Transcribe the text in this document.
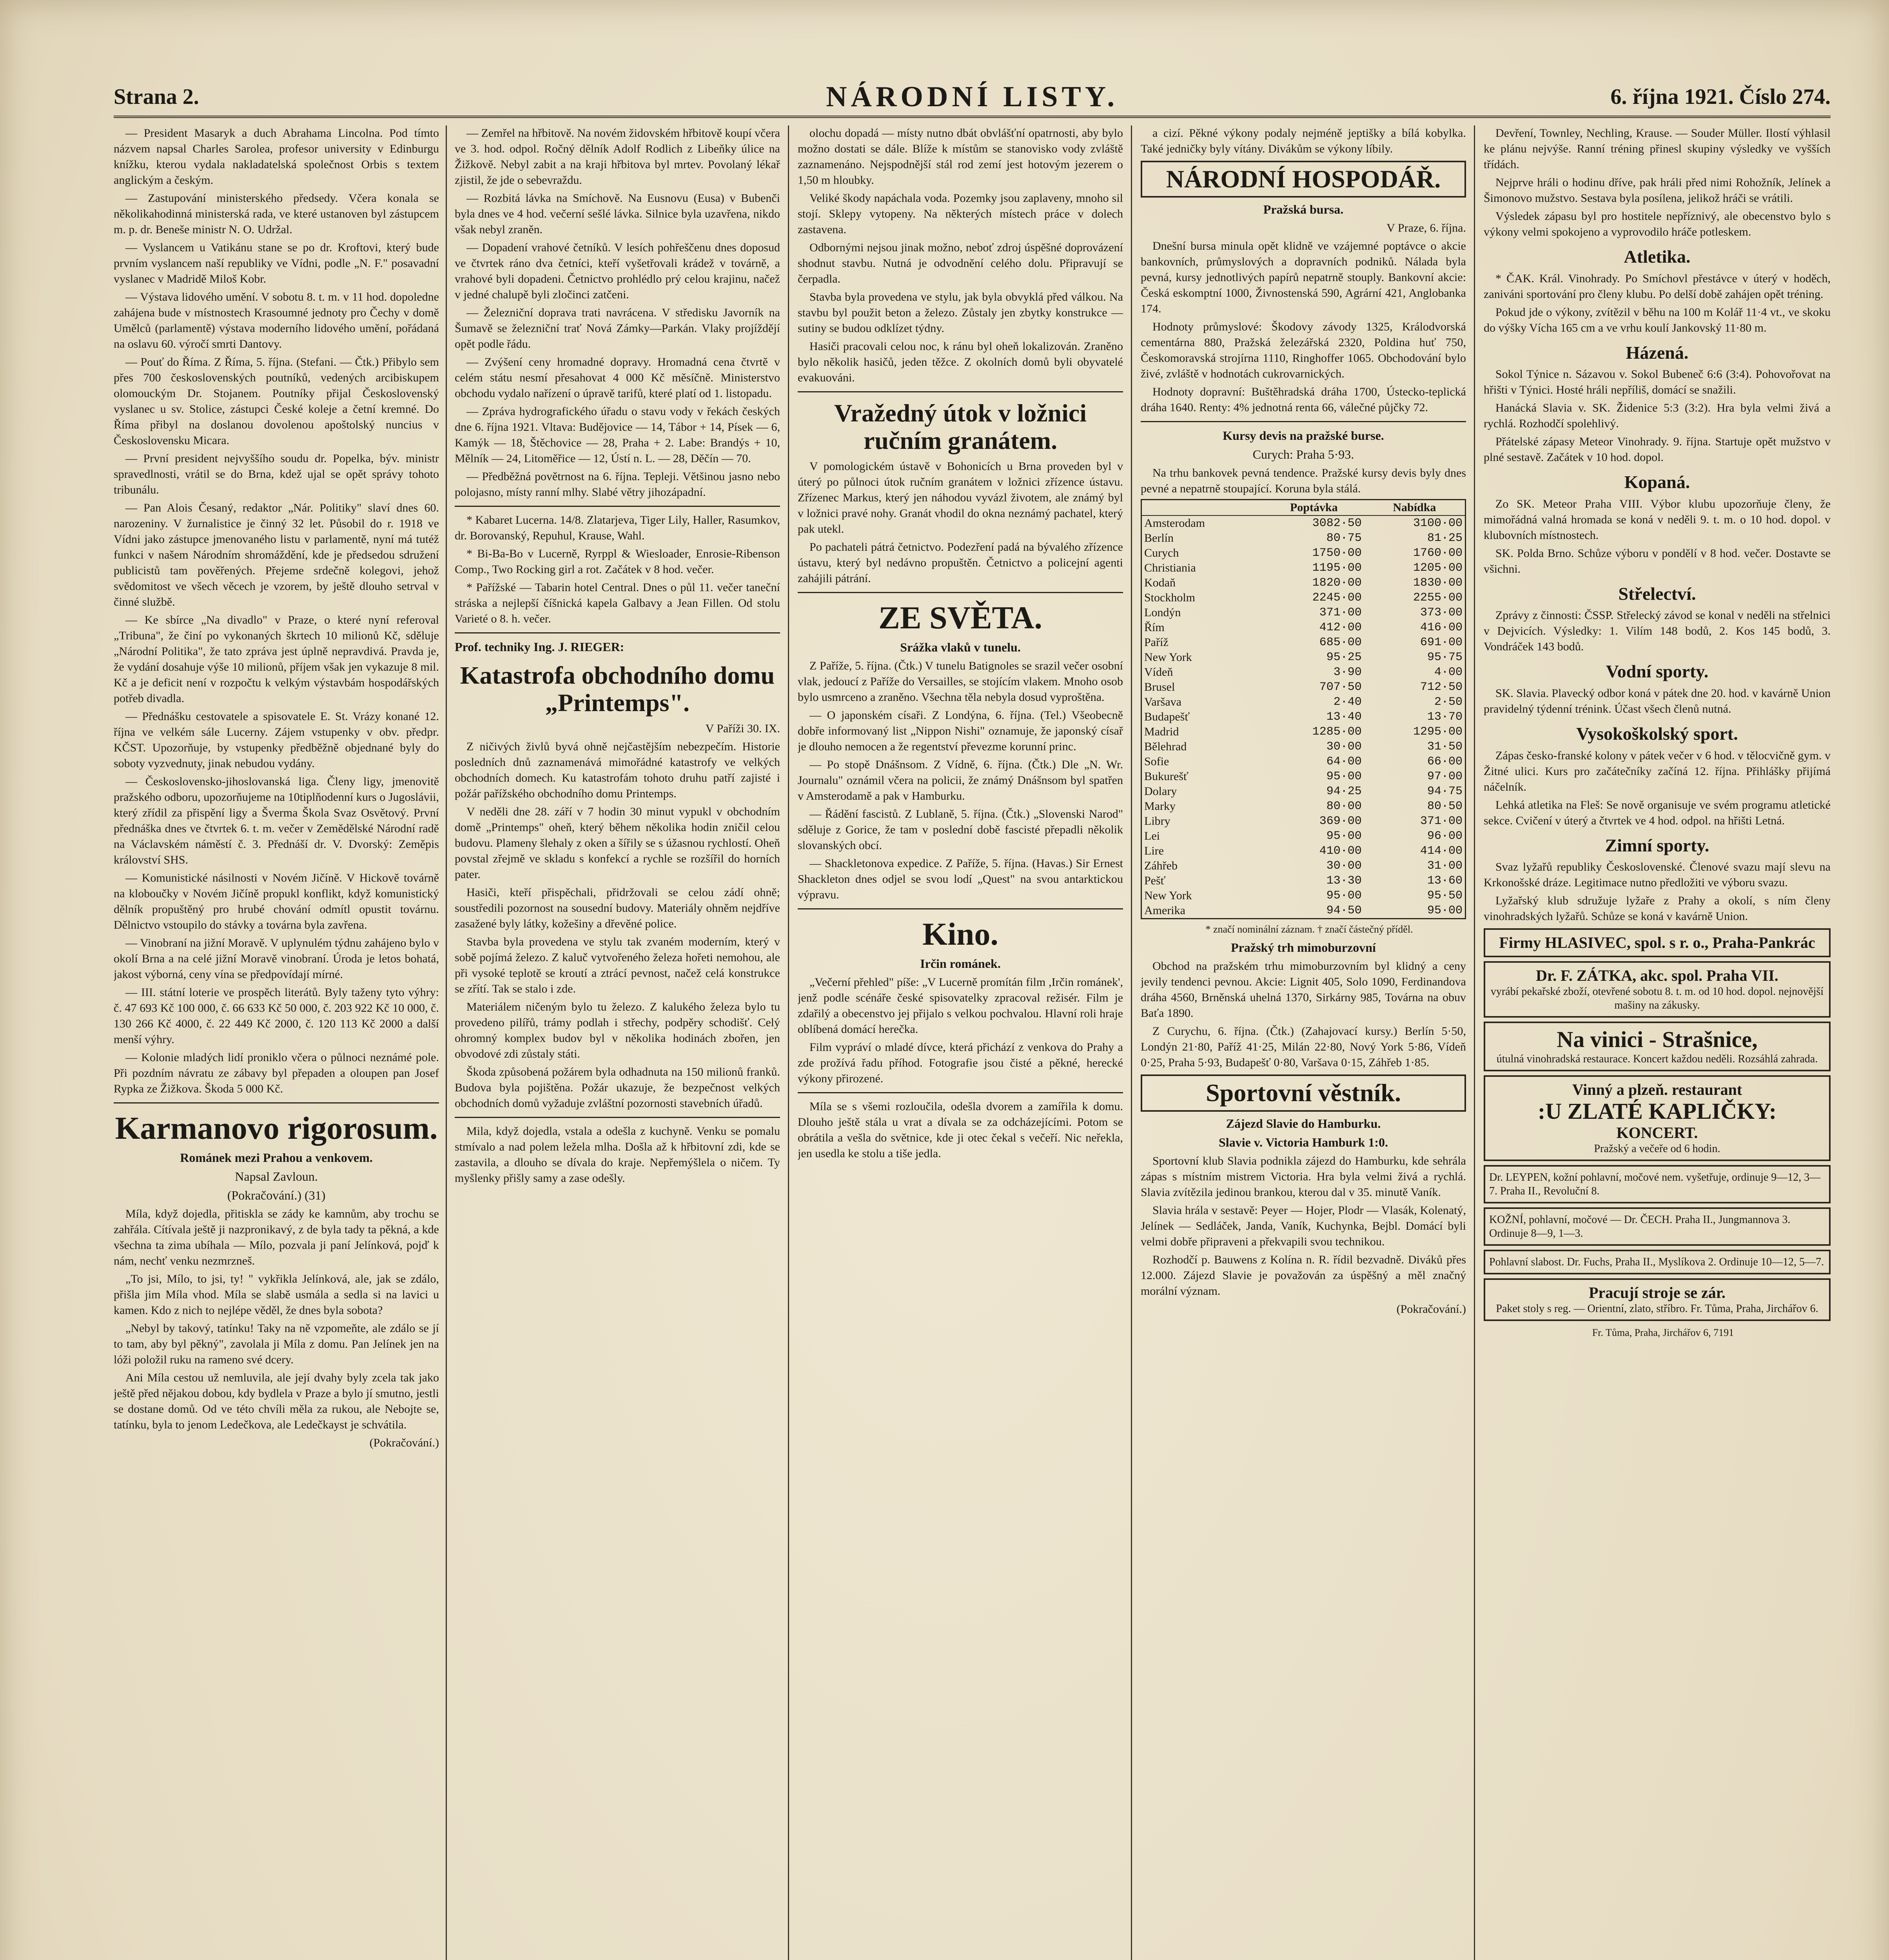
Strana 2.	NÁRODNÍ LISTY.	6. října 1921. Číslo 274.

— President Masaryk a duch Abrahama Lincolna. Pod tímto názvem napsal Charles Sarolea, profesor university v Edinburgu knížku, kterou vydala nakladatelská společnost Orbis s textem anglickým a českým.

— Zastupování ministerského předsedy. Včera konala se několikahodinná ministerská rada, ve které ustanoven byl zástupcem m. p. dr. Beneše ministr N. O. Udržal.

— Vyslancem u Vatikánu stane se po dr. Kroftovi, který bude prvním vyslancem naší republiky ve Vídni, podle „N. F." posavadní vyslanec v Madridě Miloš Kobr.

— Výstava lidového umění. V sobotu 8. t. m. v 11 hod. dopoledne zahájena bude v místnostech Krasoumné jednoty pro Čechy v domě Umělců (parlamentě) výstava moderního lidového umění, pořádaná na oslavu 60. výročí smrti Dantovy.

— Pouť do Říma. Z Říma, 5. října. (Stefani. — Čtk.) Přibylo sem přes 700 československých poutníků, vedených arcibiskupem olomouckým Dr. Stojanem. Poutníky přijal Československý vyslanec u sv. Stolice, zástupci České koleje a četní kremné. Do Říma přibyl na doslanou dovolenou apoštolský nuncius v Československu Micara.

— První president nejvyššího soudu dr. Popelka, býv. ministr spravedlnosti, vrátil se do Brna, kdež ujal se opět správy tohoto tribunálu.

— Pan Alois Česaný, redaktor „Nár. Politiky" slaví dnes 60. narozeniny. V žurnalistice je činný 32 let. Působil do r. 1918 ve Vídni jako zástupce jmenovaného listu v parlamentě, nyní má tutéž funkci v našem Národním shromáždění, kde je předsedou sdružení publicistů tam pověřených. Přejeme srdečně kolegovi, jehož svědomitost ve všech věcech je vzorem, by ještě dlouho setrval v činné službě.

— Ke sbírce „Na divadlo" v Praze, o které nyní referoval „Tribuna", že činí po vykonaných škrtech 10 milionů Kč, sděluje „Národní Politika", že tato zpráva jest úplně nepravdivá. Pravda je, že vydání dosahuje výše 10 milionů, příjem však jen vykazuje 8 mil. Kč a je deficit není v rozpočtu k velkým výstavbám hospodářských potřeb divadla.

— Přednášku cestovatele a spisovatele E. St. Vrázy konané 12. října ve velkém sále Lucerny. Zájem vstupenky v obv. předpr. KČST. Upozorňuje, by vstupenky předběžně objednané byly do soboty vyzvednuty, jinak nebudou vydány.

— Československo-jihoslovanská liga. Členy ligy, jmenovitě pražského odboru, upozorňujeme na 10tiplňodenní kurs o Jugoslávii, který zřídil za přispění ligy a Šverma Škola Svaz Osvětový. První přednáška dnes ve čtvrtek 6. t. m. večer v Zemědělské Národní radě na Václavském náměstí č. 3. Přednáší dr. V. Dvorský: Zeměpis království SHS.

— Komunistické násilnosti v Novém Jičíně. V Hickově továrně na kloboučky v Novém Jičíně propukl konflikt, když komunistický dělník propuštěný pro hrubé chování odmítl opustit továrnu. Dělnictvo vstoupilo do stávky a továrna byla zavřena.

— Vinobraní na jižní Moravě. V uplynulém týdnu zahájeno bylo v okolí Brna a na celé jižní Moravě vinobraní. Úroda je letos bohatá, jakost výborná, ceny vína se předpovídají mírné.

— III. státní loterie ve prospěch literátů. Byly taženy tyto výhry: č. 47 693 Kč 100 000, č. 66 633 Kč 50 000, č. 203 922 Kč 10 000, č. 130 266 Kč 4000, č. 22 449 Kč 2000, č. 120 113 Kč 2000 a další menší výhry.

— Kolonie mladých lidí proniklo včera o půlnoci neznámé pole. Při pozdním návratu ze zábavy byl přepaden a oloupen pan Josef Rypka ze Žižkova. Škoda 5 000 Kč.

Karmanovo rigorosum.
Románek mezi Prahou a venkovem.
Napsal Zavloun.
(Pokračování.) (31)

Míla, když dojedla, přitiskla se zády ke kamnům, aby trochu se zahřála. Cítívala ještě ji nazpronikavý, z de byla tady ta pěkná, a kde všechna ta zima ubíhala — Mílo, pozvala ji paní Jelínková, pojď k nám, nechť venku nezmrzneš.

„To jsi, Mílo, to jsi, ty! " vykřikla Jelínková, ale, jak se zdálo, přišla jim Míla vhod. Míla se slabě usmála a sedla si na lavici u kamen. Kdo z nich to nejlépe věděl, že dnes byla sobota?

„Nebyl by takový, tatínku! Taky na ně vzpomeňte, ale zdálo se jí to tam, aby byl pěkný", zavolala ji Míla z domu. Pan Jelínek jen na lóži položil ruku na rameno své dcery.

Ani Míla cestou už nemluvila, ale její dvahy byly zcela tak jako ještě před nějakou dobou, kdy bydlela v Praze a bylo jí smutno, jestli se dostane domů. Od ve této chvíli měla za rukou, ale Nebojte se, tatínku, byla to jenom Ledečkova, ale Ledečkayst je schvátila.

(Pokračování.)

— Zemřel na hřbitově. Na novém židovském hřbitově koupí včera ve 3. hod. odpol. Ročný dělník Adolf Rodlich z Libeňky úlice na Žižkově. Nebyl zabit a na kraji hřbitova byl mrtev. Povolaný lékař zjistil, že jde o sebevraždu.

— Rozbitá lávka na Smíchově. Na Eusnovu (Eusa) v Bubenči byla dnes ve 4 hod. večerní sešlé lávka. Silnice byla uzavřena, nikdo však nebyl zraněn.

— Dopadení vrahové četníků. V lesích pohřeščenu dnes doposud ve čtvrtek ráno dva četníci, kteří vyšetřovali krádež v továrně, a vrahové byli dopadeni. Četnictvo prohlédlo prý celou krajinu, načež v jedné chalupě byli zločinci zatčeni.

— Železniční doprava trati navrácena. V středisku Javorník na Šumavě se železniční trať Nová Zámky—Parkán. Vlaky projíždějí opět podle řádu.

— Zvýšení ceny hromadné dopravy. Hromadná cena čtvrtě v celém státu nesmí přesahovat 4 000 Kč měsíčně. Ministerstvo obchodu vydalo nařízení o úpravě tarifů, které platí od 1. listopadu.

— Zpráva hydrografického úřadu o stavu vody v řekách českých dne 6. října 1921. Vltava: Budějovice — 14, Tábor + 14, Písek — 6, Kamýk — 18, Štěchovice — 28, Praha + 2. Labe: Brandýs + 10, Mělník — 24, Litoměřice — 12, Ústí n. L. — 28, Děčín — 70.

— Předběžná povětrnost na 6. října. Tepleji. Většinou jasno nebo polojasno, místy ranní mlhy. Slabé větry jihozápadní.

* Kabaret Lucerna. 14/8. Zlatarjeva, Tiger Lily, Haller, Rasumkov, dr. Borovanský, Repuhul, Krause, Wahl.

* Bi-Ba-Bo v Lucerně, Ryrppl & Wiesloader, Enrosie-Ribenson Comp., Two Rocking girl a rot. Začátek v 8 hod. večer.

* Pařížské — Tabarin hotel Central. Dnes o půl 11. večer taneční stráska a nejlepší číšnická kapela Galbavy a Jean Fillen. Od stolu Varieté o 8. h. večer.

Prof. techniky Ing. J. RIEGER:
Katastrofa obchodního domu „Printemps".

V Paříži 30. IX.

Z ničivých živlů byvá ohně nejčastějším nebezpečím. Historie posledních dnů zaznamenává mimořádné katastrofy ve velkých obchodních domech. Ku katastrofám tohoto druhu patří zajisté i požár pařížského obchodního domu Printemps.

V neděli dne 28. září v 7 hodin 30 minut vypukl v obchodním domě „Printemps" oheň, který během několika hodin zničil celou budovu. Plameny šlehaly z oken a šířily se s úžasnou rychlostí. Oheň povstal zřejmě ve skladu s konfekcí a rychle se rozšířil do horních pater.

Hasiči, kteří přispěchali, přidržovali se celou zádí ohně; soustředili pozornost na sousední budovy. Materiály ohněm nejdříve zasažené byly látky, kožešiny a dřevěné police.

Stavba byla provedena ve stylu tak zvaném moderním, který v sobě pojímá železo. Z kaluč vytvořeného železa hořeti nemohou, ale při vysoké teplotě se kroutí a ztrácí pevnost, načež celá konstrukce se zřítí. Tak se stalo i zde.

Materiálem ničeným bylo tu železo. Z kalukého železa bylo tu provedeno pilířů, trámy podlah i střechy, podpěry schodišť. Celý ohromný komplex budov byl v několika hodinách zbořen, jen obvodové zdi zůstaly státi.

Škoda způsobená požárem byla odhadnuta na 150 milionů franků. Budova byla pojištěna. Požár ukazuje, že bezpečnost velkých obchodních domů vyžaduje zvláštní pozornosti stavebních úřadů.

Mila, když dojedla, vstala a odešla z kuchyně. Venku se pomalu stmívalo a nad polem ležela mlha. Došla až k hřbitovní zdi, kde se zastavila, a dlouho se dívala do kraje. Nepřemýšlela o ničem. Ty myšlenky přišly samy a zase odešly.

olochu dopadá — místy nutno dbát obvlášťní opatrnosti, aby bylo možno dostati se dále. Blíže k místům se stanovisko vody zvláště zaznamenáno. Nejspodnější stál rod zemí jest hotovým jezerem o 1,50 m hloubky.

Veliké škody napáchala voda. Pozemky jsou zaplaveny, mnoho sil stojí. Sklepy vytopeny. Na některých místech práce v dolech zastavena.

Odbornými nejsou jinak možno, neboť zdroj úspěšné doprovázení shodnut stavbu. Nutná je odvodnění celého dolu. Připravují se čerpadla.

Stavba byla provedena ve stylu, jak byla obvyklá před válkou. Na stavbu byl použit beton a železo. Zůstaly jen zbytky konstrukce — sutiny se budou odklízet týdny.

Hasiči pracovali celou noc, k ránu byl oheň lokalizován. Zraněno bylo několik hasičů, jeden těžce. Z okolních domů byli obyvatelé evakuováni.

Vražedný útok v ložnici ručním granátem.

V pomologickém ústavě v Bohonicích u Brna proveden byl v úterý po půlnoci útok ručním granátem v ložnici zřízence ústavu. Zřízenec Markus, který jen náhodou vyvázl životem, ale známý byl v ložnici pravé nohy. Granát vhodil do okna neznámý pachatel, který pak utekl.

Po pachateli pátrá četnictvo. Podezření padá na bývalého zřízence ústavu, který byl nedávno propuštěn. Četnictvo a policejní agenti zahájili pátrání.

ZE SVĚTA.
Srážka vlaků v tunelu.

Z Paříže, 5. října. (Čtk.) V tunelu Batignoles se srazil večer osobní vlak, jedoucí z Paříže do Versailles, se stojícím vlakem. Mnoho osob bylo usmrceno a zraněno. Všechna těla nebyla dosud vyproštěna.

— O japonském císaři. Z Londýna, 6. října. (Tel.) Všeobecně dobře informovaný list „Nippon Nishi" oznamuje, že japonský císař je dlouho nemocen a že regentství převezme korunní princ.

— Po stopě Dnášnsom. Z Vídně, 6. října. (Čtk.) Dle „N. Wr. Journalu" oznámil včera na policii, že známý Dnášnsom byl spatřen v Amsterodamě a pak v Hamburku.

— Řádění fascistů. Z Lublaně, 5. října. (Čtk.) „Slovenski Narod" sděluje z Gorice, že tam v poslední době fascisté přepadli několik slovanských obcí.

— Shackletonova expedice. Z Paříže, 5. října. (Havas.) Sir Ernest Shackleton dnes odjel se svou lodí „Quest" na svou antarktickou výpravu.

Kino.
Irčin románek.

„Večerní přehled" píše: „V Lucerně promítán film ,Irčin románek', jenž podle scénáře české spisovatelky zpracoval režisér. Film je zdařilý a obecenstvo jej přijalo s velkou pochvalou. Hlavní roli hraje oblíbená domácí herečka.

Film vypráví o mladé dívce, která přichází z venkova do Prahy a zde prožívá řadu příhod. Fotografie jsou čisté a pěkné, herecké výkony přirozené.

Míla se s všemi rozloučila, odešla dvorem a zamířila k domu. Dlouho ještě stála u vrat a dívala se za odcházejícími. Potom se obrátila a vešla do světnice, kde ji otec čekal s večeří. Nic neřekla, jen usedla ke stolu a tiše jedla.

a cizí. Pěkné výkony podaly nejméně jeptišky a bílá kobylka. Také jedničky byly vítány. Divákům se výkony líbily.

NÁRODNÍ HOSPODÁŘ.
Pražská bursa.

V Praze, 6. října.

Dnešní bursa minula opět klidně ve vzájemné poptávce o akcie bankovních, průmyslových a dopravních podniků. Nálada byla pevná, kursy jednotlivých papírů nepatrně stouply. Bankovní akcie: Česká eskomptní 1000, Živnostenská 590, Agrární 421, Anglobanka 174.

Hodnoty průmyslové: Škodovy závody 1325, Králodvorská cementárna 880, Pražská železářská 2320, Poldina huť 750, Českomoravská strojírna 1110, Ringhoffer 1065. Obchodování bylo živé, zvláště v hodnotách cukrovarnických.

Hodnoty dopravní: Buštěhradská dráha 1700, Ústecko-teplická dráha 1640. Renty: 4% jednotná renta 66, válečné půjčky 72.

Kursy devis na pražské burse.
Curych: Praha 5·93.

Na trhu bankovek pevná tendence. Pražské kursy devis byly dnes pevné a nepatrně stoupající. Koruna byla stálá.

	Poptávka	Nabídka
Amsterodam	3082·50	3100·00
Berlín	80·75	81·25
Curych	1750·00	1760·00
Christiania	1195·00	1205·00
Kodaň	1820·00	1830·00
Stockholm	2245·00	2255·00
Londýn	371·00	373·00
Řím	412·00	416·00
Paříž	685·00	691·00
New York	95·25	95·75
Vídeň	3·90	4·00
Brusel	707·50	712·50
Varšava	2·40	2·50
Budapešť	13·40	13·70
Madrid	1285·00	1295·00
Bělehrad	30·00	31·50
Sofie	64·00	66·00
Bukurešť	95·00	97·00
Dolary	94·25	94·75
Marky	80·00	80·50
Libry	369·00	371·00
Lei	95·00	96·00
Lire	410·00	414·00
Záhřeb	30·00	31·00
Pešť	13·30	13·60
New York	95·00	95·50
Amerika	94·50	95·00

* značí nominální záznam. † značí částečný příděl.

Pražský trh mimoburzovní

Obchod na pražském trhu mimoburzovním byl klidný a ceny jevily tendenci pevnou. Akcie: Lignit 405, Solo 1090, Ferdinandova dráha 4560, Brněnská uhelná 1370, Sirkárny 985, Továrna na obuv Baťa 1890.

Z Curychu, 6. října. (Čtk.) (Zahajovací kursy.) Berlín 5·50, Londýn 21·80, Paříž 41·25, Milán 22·80, Nový York 5·86, Vídeň 0·25, Praha 5·93, Budapešť 0·80, Varšava 0·15, Záhřeb 1·85.

Sportovní věstník.
Zájezd Slavie do Hamburku.
Slavie v. Victoria Hamburk 1:0.

Sportovní klub Slavia podnikla zájezd do Hamburku, kde sehrála zápas s místním mistrem Victoria. Hra byla velmi živá a rychlá. Slavia zvítězila jedinou brankou, kterou dal v 35. minutě Vaník.

Slavia hrála v sestavě: Peyer — Hojer, Plodr — Vlasák, Kolenatý, Jelínek — Sedláček, Janda, Vaník, Kuchynka, Bejbl. Domácí byli velmi dobře připraveni a překvapili svou technikou.

Rozhodčí p. Bauwens z Kolína n. R. řídil bezvadně. Diváků přes 12.000. Zájezd Slavie je považován za úspěšný a měl značný morální význam.

(Pokračování.)

Devření, Townley, Nechling, Krause. — Souder Müller. Ilostí výhlasil ke plánu nejvýše. Ranní tréning přinesl skupiny výsledky ve vyšších třídách.

Nejprve hráli o hodinu dříve, pak hráli před nimi Rohožník, Jelínek a Šimonovo mužstvo. Sestava byla posílena, jelikož hráči se vrátili.

Výsledek zápasu byl pro hostitele nepříznivý, ale obecenstvo bylo s výkony velmi spokojeno a vyprovodilo hráče potleskem.

Atletika.

* ČAK. Král. Vinohrady. Po Smíchovl přestávce v úterý v hoděch, zaniváni sportování pro členy klubu. Po delší době zahájen opět tréning.

Pokud jde o výkony, zvítězil v běhu na 100 m Kolář 11·4 vt., ve skoku do výšky Vícha 165 cm a ve vrhu koulí Jankovský 11·80 m.

Házená.

Sokol Týnice n. Sázavou v. Sokol Bubeneč 6:6 (3:4). Pohovořovat na hřišti v Týnici. Hosté hráli nepříliš, domácí se snažili.

Hanácká Slavia v. SK. Židenice 5:3 (3:2). Hra byla velmi živá a rychlá. Rozhodčí spolehlivý.

Přátelské zápasy Meteor Vinohrady. 9. října. Startuje opět mužstvo v plné sestavě. Začátek v 10 hod. dopol.

Kopaná.

Zo SK. Meteor Praha VIII. Výbor klubu upozorňuje členy, že mimořádná valná hromada se koná v neděli 9. t. m. o 10 hod. dopol. v klubovních místnostech.

SK. Polda Brno. Schůze výboru v pondělí v 8 hod. večer. Dostavte se všichni.

Střelectví.

Zprávy z činnosti: ČSSP. Střelecký závod se konal v neděli na střelnici v Dejvicích. Výsledky: 1. Vilím 148 bodů, 2. Kos 145 bodů, 3. Vondráček 143 bodů.

Vodní sporty.

SK. Slavia. Plavecký odbor koná v pátek dne 20. hod. v kavárně Union pravidelný týdenní trénink. Účast všech členů nutná.

Vysokoškolský sport.

Zápas česko-franské kolony v pátek večer v 6 hod. v tělocvičně gym. v Žitné ulici. Kurs pro začátečníky začíná 12. října. Přihlášky přijímá náčelník.

Lehká atletika na Fleš: Se nově organisuje ve svém programu atletické sekce. Cvičení v úterý a čtvrtek ve 4 hod. odpol. na hřišti Letná.

Zimní sporty.

Svaz lyžařů republiky Československé. Členové svazu mají slevu na Krkonošské dráze. Legitimace nutno předložiti ve výboru svazu.

Lyžařský klub sdružuje lyžaře z Prahy a okolí, s ním členy vinohradských lyžařů. Schůze se koná v kavárně Union.

Firmy HLASIVEC, spol. s r. o., Praha-Pankrác
Dr. F. ZÁTKA, akc. spol. Praha VII.
vyrábí pekařské zboží, otevřené sobotu 8. t. m. od 10 hod. dopol. nejnovější mašiny na zákusky.
Na vinici - Strašnice,
útulná vinohradská restaurace. Koncert každou neděli. Rozsáhlá zahrada.
Vinný a plzeň. restaurant
:U ZLATÉ KAPLIČKY:
KONCERT.
Pražský a večeře od 6 hodin.
Dr. LEYPEN, kožní pohlavní, močové nem. vyšetřuje, ordinuje 9—12, 3—7. Praha II., Revoluční 8.
KOŽNÍ, pohlavní, močové — Dr. ČECH. Praha II., Jungmannova 3. Ordinuje 8—9, 1—3.
Pohlavní slabost. Dr. Fuchs, Praha II., Myslíkova 2. Ordinuje 10—12, 5—7.
Pracují stroje se zár.
Paket stoly s reg. — Orientní, zlato, stříbro. Fr. Tůma, Praha, Jirchářov 6.

Fr. Tůma, Praha, Jirchářov 6, 7191
